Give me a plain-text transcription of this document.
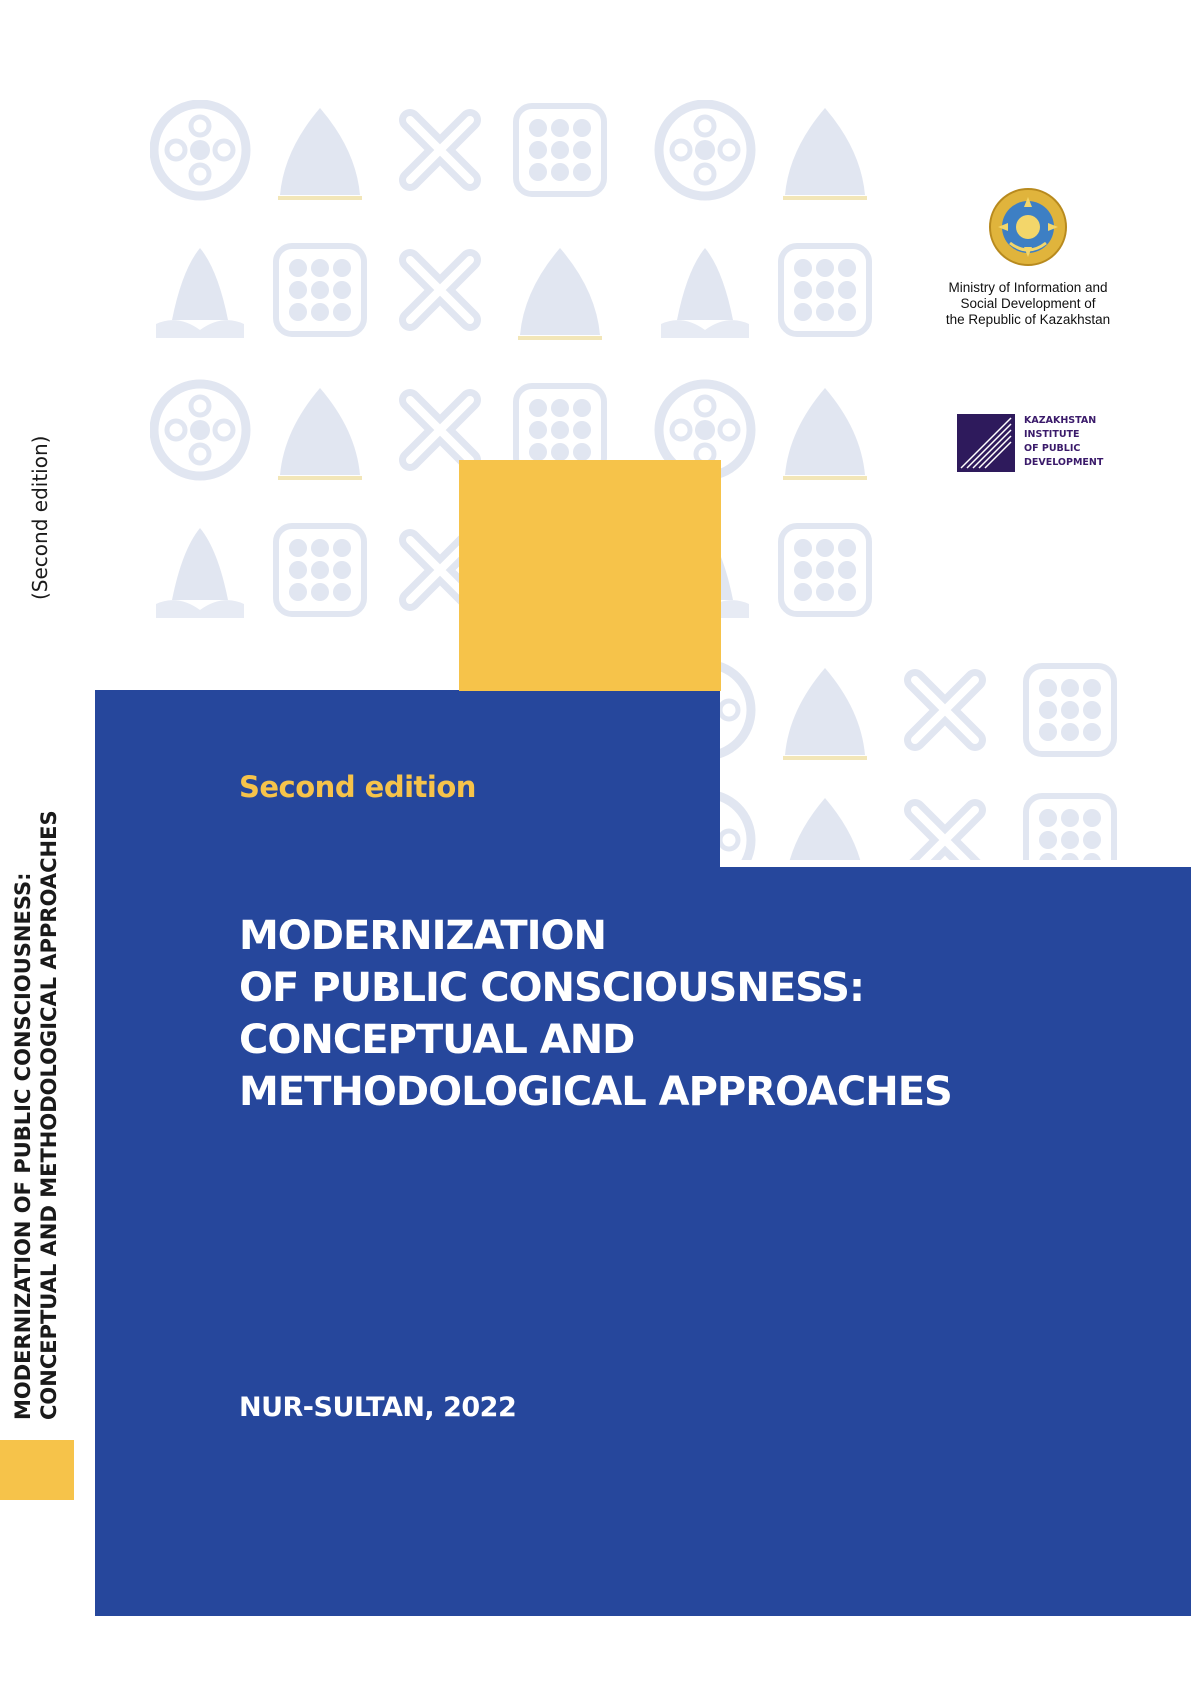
MODERNIZATION OF PUBLIC CONSCIOUSNESS: CONCEPTUAL AND METHODOLOGICAL APPROACHES
(Second edition)
Second edition
MODERNIZATION
OF PUBLIC CONSCIOUSNESS:
CONCEPTUAL AND
METHODOLOGICAL APPROACHES
NUR-SULTAN, 2022
Ministry of Information and
Social Development of
the Republic of Kazakhstan
KAZAKHSTAN
INSTITUTE
OF PUBLIC
DEVELOPMENT
